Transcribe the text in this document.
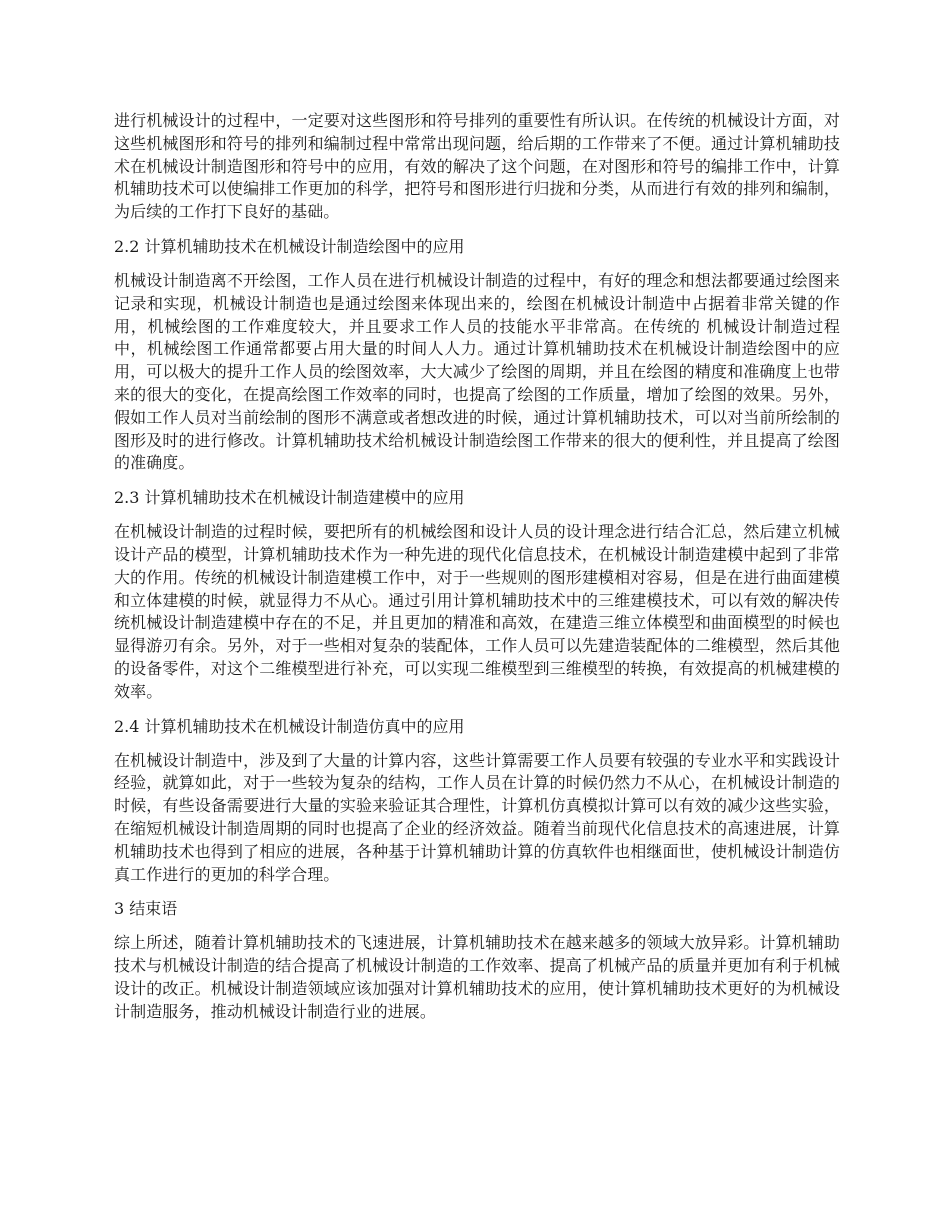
进行机械设计的过程中，一定要对这些图形和符号排列的重要性有所认识。在传统的机械设计方面，对这些机械图形和符号的排列和编制过程中常常出现问题，给后期的工作带来了不便。通过计算机辅助技术在机械设计制造图形和符号中的应用，有效的解决了这个问题，在对图形和符号的编排工作中，计算机辅助技术可以使编排工作更加的科学，把符号和图形进行归拢和分类，从而进行有效的排列和编制，为后续的工作打下良好的基础。

2.2 计算机辅助技术在机械设计制造绘图中的应用

机械设计制造离不开绘图，工作人员在进行机械设计制造的过程中，有好的理念和想法都要通过绘图来记录和实现，机械设计制造也是通过绘图来体现出来的，绘图在机械设计制造中占据着非常关键的作用，机械绘图的工作难度较大，并且要求工作人员的技能水平非常高。在传统的 机械设计制造过程中，机械绘图工作通常都要占用大量的时间人人力。通过计算机辅助技术在机械设计制造绘图中的应用，可以极大的提升工作人员的绘图效率，大大减少了绘图的周期，并且在绘图的精度和准确度上也带来的很大的变化，在提高绘图工作效率的同时，也提高了绘图的工作质量，增加了绘图的效果。另外，假如工作人员对当前绘制的图形不满意或者想改进的时候，通过计算机辅助技术，可以对当前所绘制的图形及时的进行修改。计算机辅助技术给机械设计制造绘图工作带来的很大的便利性，并且提高了绘图的准确度。

2.3 计算机辅助技术在机械设计制造建模中的应用

在机械设计制造的过程时候，要把所有的机械绘图和设计人员的设计理念进行结合汇总，然后建立机械设计产品的模型，计算机辅助技术作为一种先进的现代化信息技术，在机械设计制造建模中起到了非常大的作用。传统的机械设计制造建模工作中，对于一些规则的图形建模相对容易，但是在进行曲面建模和立体建模的时候，就显得力不从心。通过引用计算机辅助技术中的三维建模技术，可以有效的解决传统机械设计制造建模中存在的不足，并且更加的精准和高效，在建造三维立体模型和曲面模型的时候也显得游刃有余。另外，对于一些相对复杂的装配体，工作人员可以先建造装配体的二维模型，然后其他的设备零件，对这个二维模型进行补充，可以实现二维模型到三维模型的转换，有效提高的机械建模的效率。

2.4 计算机辅助技术在机械设计制造仿真中的应用

在机械设计制造中，涉及到了大量的计算内容，这些计算需要工作人员要有较强的专业水平和实践设计经验，就算如此，对于一些较为复杂的结构，工作人员在计算的时候仍然力不从心，在机械设计制造的时候，有些设备需要进行大量的实验来验证其合理性，计算机仿真模拟计算可以有效的减少这些实验，在缩短机械设计制造周期的同时也提高了企业的经济效益。随着当前现代化信息技术的高速进展，计算机辅助技术也得到了相应的进展，各种基于计算机辅助计算的仿真软件也相继面世，使机械设计制造仿真工作进行的更加的科学合理。

3 结束语

综上所述，随着计算机辅助技术的飞速进展，计算机辅助技术在越来越多的领域大放异彩。计算机辅助技术与机械设计制造的结合提高了机械设计制造的工作效率、提高了机械产品的质量并更加有利于机械设计的改正。机械设计制造领域应该加强对计算机辅助技术的应用，使计算机辅助技术更好的为机械设计制造服务，推动机械设计制造行业的进展。
